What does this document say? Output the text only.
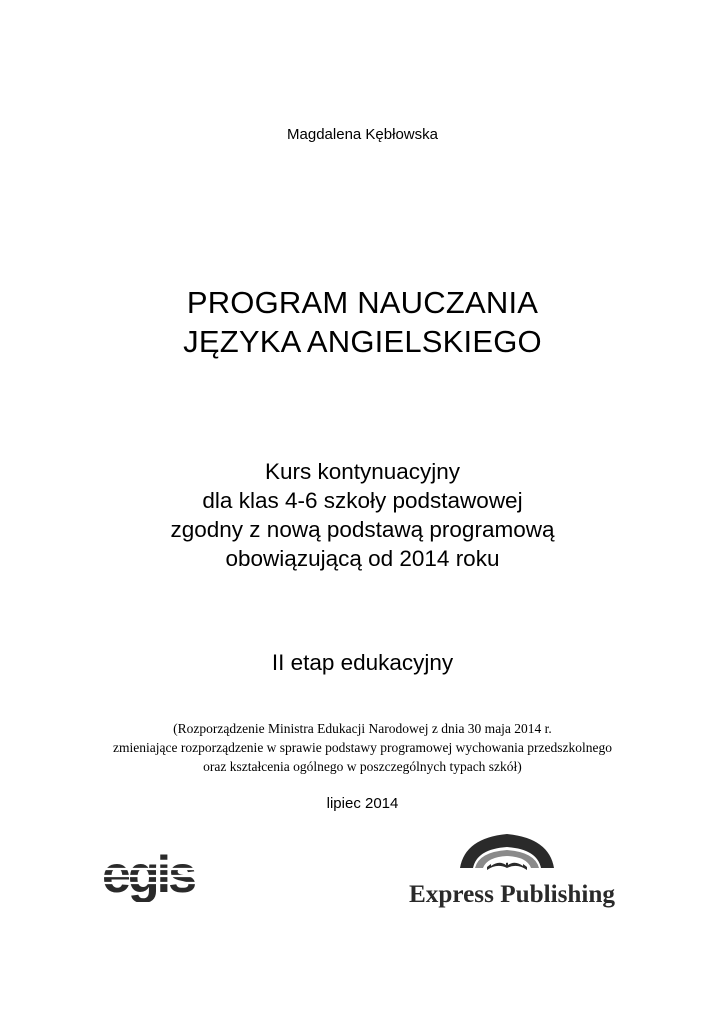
Magdalena Kębłowska
PROGRAM NAUCZANIA
JĘZYKA ANGIELSKIEGO
Kurs kontynuacyjny
dla klas 4-6 szkoły podstawowej
zgodny z nową podstawą programową
obowiązującą od 2014 roku
II etap edukacyjny
(Rozporządzenie Ministra Edukacji Narodowej z dnia 30 maja 2014 r.
zmieniające rozporządzenie w sprawie podstawy programowej wychowania przedszkolnego
oraz kształcenia ogólnego w poszczególnych typach szkół)
lipiec 2014
egis	Express Publishing
